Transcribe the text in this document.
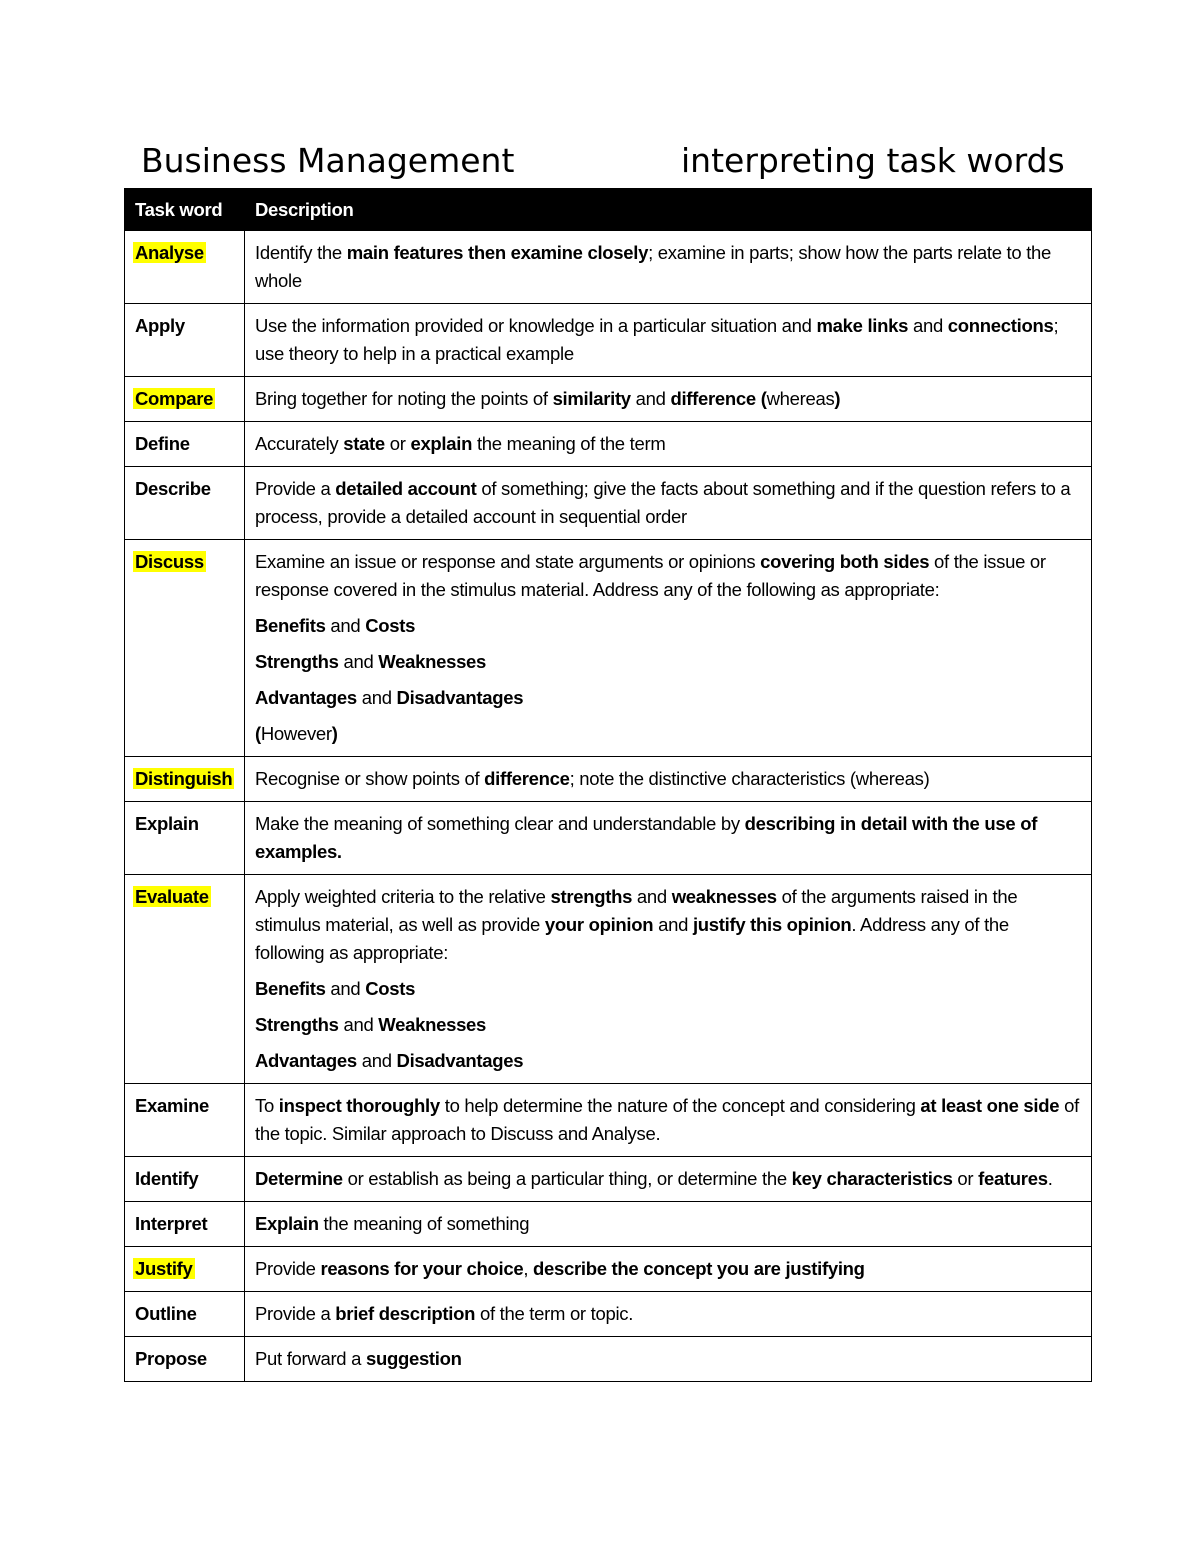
Business Management	interpreting task words
Task word	Description
Analyse	Identify the main features then examine closely; examine in parts; show how the parts relate to the whole

Apply	Use the information provided or knowledge in a particular situation and make links and connections; use theory to help in a practical example

Compare	Bring together for noting the points of similarity and difference (whereas)

Define	Accurately state or explain the meaning of the term

Describe	Provide a detailed account of something; give the facts about something and if the question refers to a process, provide a detailed account in sequential order

Discuss	Examine an issue or response and state arguments or opinions covering both sides of the issue or response covered in the stimulus material. Address any of the following as appropriate:
Benefits and Costs
Strengths and Weaknesses
Advantages and Disadvantages
(However)

Distinguish	Recognise or show points of difference; note the distinctive characteristics (whereas)

Explain	Make the meaning of something clear and understandable by describing in detail with the use of examples.

Evaluate	Apply weighted criteria to the relative strengths and weaknesses of the arguments raised in the stimulus material, as well as provide your opinion and justify this opinion. Address any of the following as appropriate:
Benefits and Costs
Strengths and Weaknesses
Advantages and Disadvantages

Examine	To inspect thoroughly to help determine the nature of the concept and considering at least one side of the topic. Similar approach to Discuss and Analyse.

Identify	Determine or establish as being a particular thing, or determine the key characteristics or features.

Interpret	Explain the meaning of something

Justify	Provide reasons for your choice, describe the concept you are justifying

Outline	Provide a brief description of the term or topic.

Propose	Put forward a suggestion
